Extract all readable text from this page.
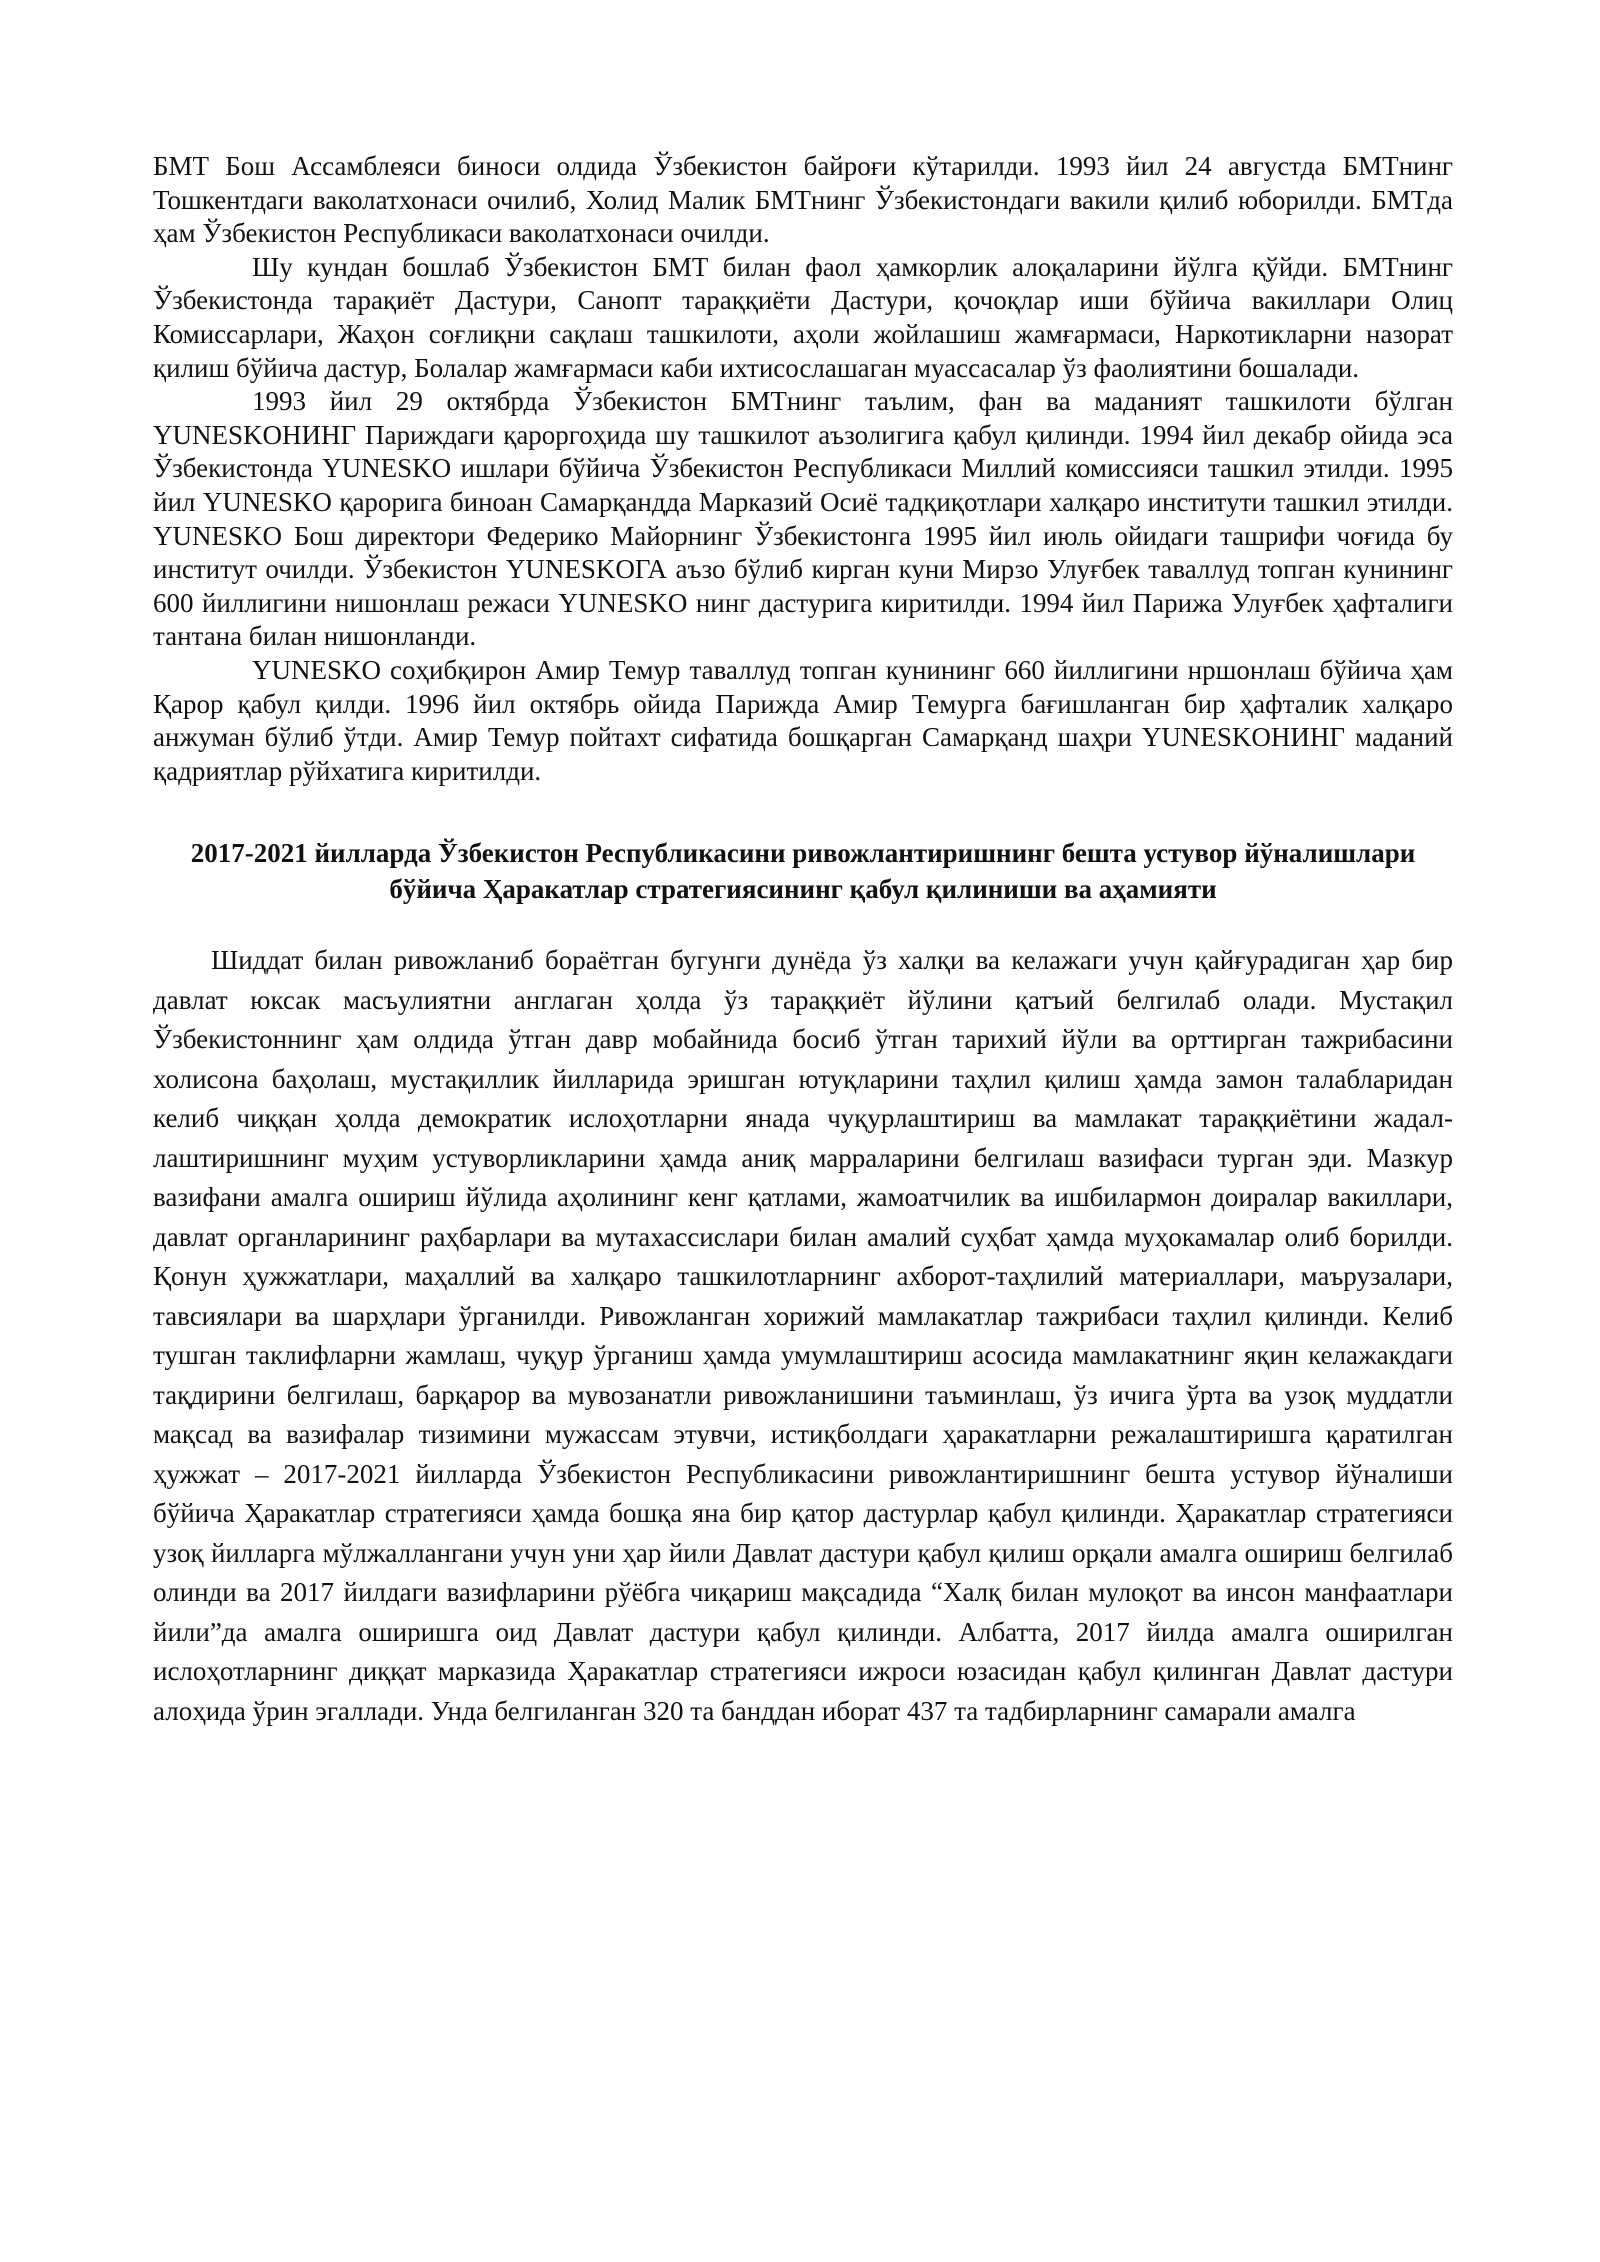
БМТ Бош Ассамблеяси биноси олдида Ўзбекистон байроғи кўтарилди. 1993 йил 24 августда БМТнинг Тошкентдаги ваколатхонаси очилиб, Холид Малик БМТнинг Ўзбекистондаги вакили қилиб юборилди. БМТда ҳам Ўзбекистон Республикаси ваколатхонаси очилди.

Шу кундан бошлаб Ўзбекистон БМТ билан фаол ҳамкорлик алоқаларини йўлга қўйди. БМТнинг Ўзбекистонда тарақиёт Дастури, Санопт тараққиёти Дастури, қочоқлар иши бўйича вакиллари Олиц Комиссарлари, Жаҳон соғлиқни сақлаш ташкилоти, аҳоли жойлашиш жамғармаси, Наркотикларни назорат қилиш бўйича дастур, Болалар жамғармаси каби ихтисослашаган муассасалар ўз фаолиятини бошалади.

1993 йил 29 октябрда Ўзбекистон БМТнинг таълим, фан ва маданият ташкилоти бўлган YUNESKOНИНГ Париждаги қароргоҳида шу ташкилот аъзолигига қабул қилинди. 1994 йил декабр ойида эса Ўзбекистонда YUNESKO ишлари бўйича Ўзбекистон Республикаси Миллий комиссияси ташкил этилди. 1995 йил YUNESKO қарорига биноан Самарқандда Марказий Осиё тадқиқотлари халқаро институти ташкил этилди. YUNESKO Бош директори Федерико Майорнинг Ўзбекистонга 1995 йил июль ойидаги ташрифи чоғида бу институт очилди. Ўзбекистон YUNESKOГА аъзо бўлиб кирган куни Мирзо Улуғбек таваллуд топган кунининг 600 йиллигини нишонлаш режаси YUNESKO нинг дастурига киритилди. 1994 йил Парижа Улуғбек ҳафталиги тантана билан нишонланди.

YUNESKO соҳибқирон Амир Темур таваллуд топган кунининг 660 йиллигини нршонлаш бўйича ҳам Қарор қабул қилди. 1996 йил октябрь ойида Парижда Амир Темурга бағишланган бир ҳафталик халқаро анжуман бўлиб ўтди. Амир Темур пойтахт сифатида бошқарган Самарқанд шаҳри YUNESKOНИНГ маданий қадриятлар рўйхатига киритилди.

2017-2021 йилларда Ўзбекистон Республикасини ривожлантиришнинг бешта устувор йўналишлари бўйича Ҳаракатлар стратегиясининг қабул қилиниши ва аҳамияти

Шиддат билан ривожланиб бораётган бугунги дунёда ўз халқи ва келажаги учун қайғурадиган ҳар бир давлат юксак масъулиятни англаган ҳолда ўз тараққиёт йўлини қатъий белгилаб олади. Мустақил Ўзбекистоннинг ҳам олдида ўтган давр мобайнида босиб ўтган тарихий йўли ва орттирган тажрибасини холисона баҳолаш, мустақиллик йилларида эришган ютуқларини таҳлил қилиш ҳамда замон талабларидан келиб чиққан ҳолда демократик ислоҳотларни янада чуқурлаштириш ва мамлакат тараққиётини жадал- лаштиришнинг муҳим устуворликларини ҳамда аниқ марраларини белгилаш вазифаси турган эди. Мазкур вазифани амалга ошириш йўлида аҳолининг кенг қатлами, жамоатчилик ва ишбилармон доиралар вакиллари, давлат органларининг раҳбарлари ва мутахассислари билан амалий суҳбат ҳамда муҳокамалар олиб борилди. Қонун ҳужжатлари, маҳаллий ва халқаро ташкилотларнинг ахборот-таҳлилий материаллари, маърузалари, тавсиялари ва шарҳлари ўрганилди. Ривожланган хорижий мамлакатлар тажрибаси таҳлил қилинди. Келиб тушган таклифларни жамлаш, чуқур ўрганиш ҳамда умумлаштириш асосида мамлакатнинг яқин келажакдаги тақдирини белгилаш, барқарор ва мувозанатли ривожланишини таъминлаш, ўз ичига ўрта ва узоқ муддатли мақсад ва вазифалар тизимини мужассам этувчи, истиқболдаги ҳаракатларни режалаштиришга қаратилган ҳужжат – 2017-2021 йилларда Ўзбекистон Республикасини ривожлантиришнинг бешта устувор йўналиши бўйича Ҳаракатлар стратегияси ҳамда бошқа яна бир қатор дастурлар қабул қилинди. Ҳаракатлар стратегияси узоқ йилларга мўлжаллангани учун уни ҳар йили Давлат дастури қабул қилиш орқали амалга ошириш белгилаб олинди ва 2017 йилдаги вазифларини рўёбга чиқариш мақсадида “Халқ билан мулоқот ва инсон манфаатлари йили”да амалга оширишга оид Давлат дастури қабул қилинди. Албатта, 2017 йилда амалга оширилган ислоҳотларнинг диққат марказида Ҳаракатлар стратегияси ижроси юзасидан қабул қилинган Давлат дастури алоҳида ўрин эгаллади. Унда белгиланган 320 та банддан иборат 437 та тадбирларнинг самарали амалга
